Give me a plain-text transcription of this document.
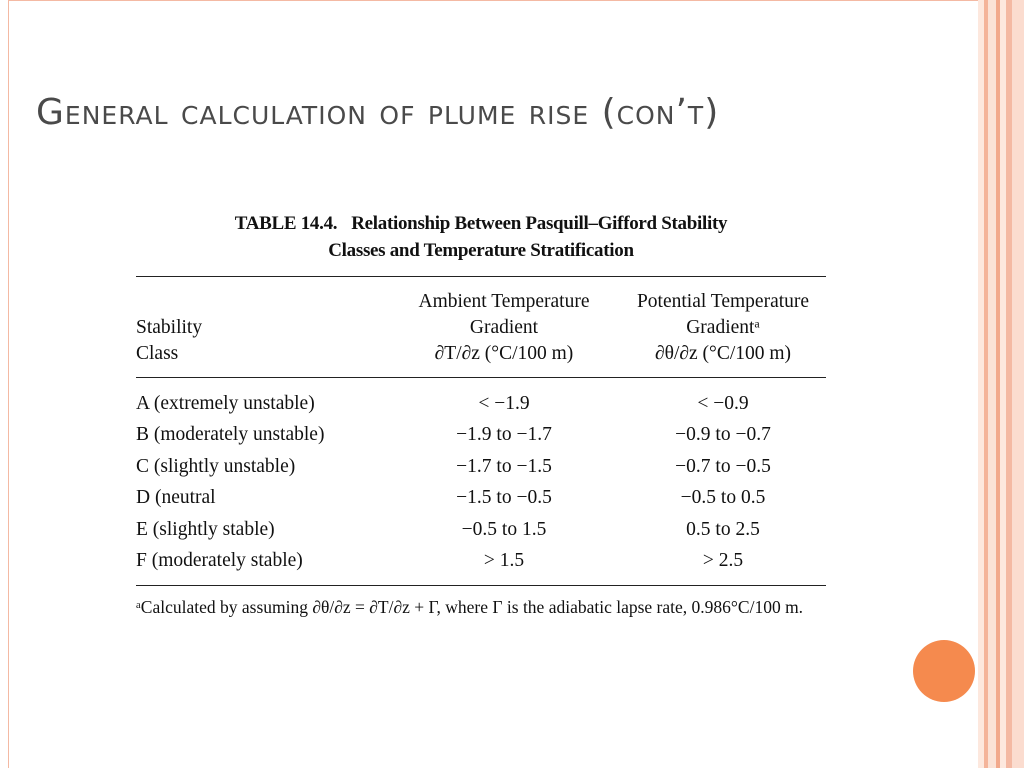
General calculation of plume rise (con’t)
TABLE 14.4. Relationship Between Pasquill–Gifford Stability
Classes and Temperature Stratification
	Ambient Temperature	Potential Temperature
Stability	Gradient	Gradientᵃ
Class	∂T/∂z (°C/100 m)	∂θ/∂z (°C/100 m)

A (extremely unstable)	< −1.9	< −0.9
B (moderately unstable)	−1.9 to −1.7	−0.9 to −0.7
C (slightly unstable)	−1.7 to −1.5	−0.7 to −0.5
D (neutral	−1.5 to −0.5	−0.5 to 0.5
E (slightly stable)	−0.5 to 1.5	0.5 to 2.5
F (moderately stable)	> 1.5	> 2.5
ᵃCalculated by assuming ∂θ/∂z = ∂T/∂z + Γ, where Γ is the adiabatic lapse rate, 0.986°C/100 m.
